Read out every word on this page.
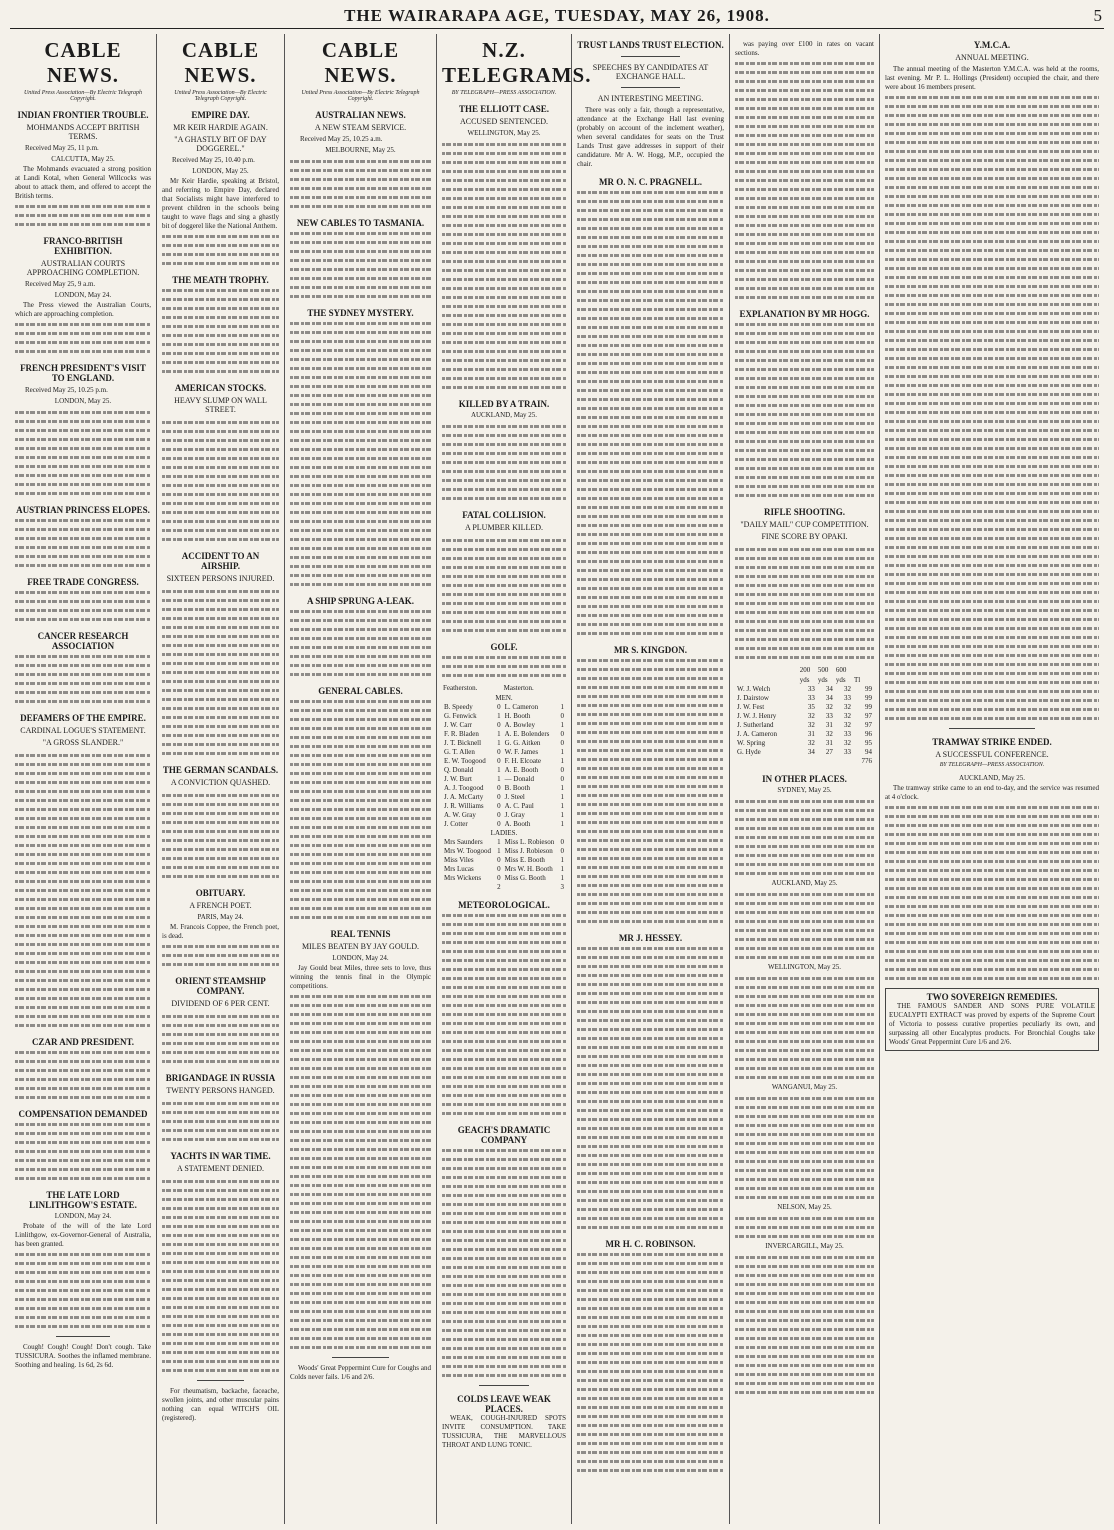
THE WAIRARAPA AGE, TUESDAY, MAY 26, 1908.	5
CABLE NEWS.
United Press Association—By Electric Telegraph Copyright.
INDIAN FRONTIER TROUBLE.
MOHMANDS ACCEPT BRITISH TERMS.
Received May 25, 11 p.m.
CALCUTTA, May 25.

The Mohmands evacuated a strong position at Landi Kotal, when General Willcocks was about to attack them, and offered to accept the British terms.

FRANCO-BRITISH EXHIBITION.
AUSTRALIAN COURTS APPROACHING COMPLETION.
Received May 25, 9 a.m.
LONDON, May 24.

The Press viewed the Australian Courts, which are approaching completion.

FRENCH PRESIDENT'S VISIT TO ENGLAND.
Received May 25, 10.25 p.m.
LONDON, May 25.
AUSTRIAN PRINCESS ELOPES.
FREE TRADE CONGRESS.
CANCER RESEARCH ASSOCIATION
DEFAMERS OF THE EMPIRE.
CARDINAL LOGUE'S STATEMENT.
"A GROSS SLANDER."
CZAR AND PRESIDENT.
COMPENSATION DEMANDED
THE LATE LORD LINLITHGOW'S ESTATE.
LONDON, May 24.

Probate of the will of the late Lord Linlithgow, ex-Governor-General of Australia, has been granted.

Cough! Cough! Cough! Don't cough. Take TUSSICURA. Soothes the inflamed membrane. Soothing and healing. 1s 6d, 2s 6d.

CABLE NEWS.
United Press Association—By Electric Telegraph Copyright.
EMPIRE DAY.
MR KEIR HARDIE AGAIN.
"A GHASTLY BIT OF DAY DOGGEREL."
Received May 25, 10.40 p.m.
LONDON, May 25.

Mr Keir Hardie, speaking at Bristol, and referring to Empire Day, declared that Socialists might have interfered to prevent children in the schools being taught to wave flags and sing a ghastly bit of doggerel like the National Anthem.

THE MEATH TROPHY.
AMERICAN STOCKS.
HEAVY SLUMP ON WALL STREET.
ACCIDENT TO AN AIRSHIP.
SIXTEEN PERSONS INJURED.
THE GERMAN SCANDALS.
A CONVICTION QUASHED.
OBITUARY.
A FRENCH POET.
PARIS, May 24.

M. Francois Coppee, the French poet, is dead.

ORIENT STEAMSHIP COMPANY.
DIVIDEND OF 6 PER CENT.
BRIGANDAGE IN RUSSIA
TWENTY PERSONS HANGED.
YACHTS IN WAR TIME.
A STATEMENT DENIED.

For rheumatism, backache, faceache, swollen joints, and other muscular pains nothing can equal WITCH'S OIL (registered).

CABLE NEWS.
United Press Association—By Electric Telegraph Copyright.
AUSTRALIAN NEWS.
A NEW STEAM SERVICE.
Received May 25, 10.25 a.m.
MELBOURNE, May 25.
NEW CABLES TO TASMANIA.
THE SYDNEY MYSTERY.
A SHIP SPRUNG A-LEAK.
GENERAL CABLES.
REAL TENNIS
MILES BEATEN BY JAY GOULD.
LONDON, May 24.

Jay Gould beat Miles, three sets to love, thus winning the tennis final in the Olympic competitions.

Woods' Great Peppermint Cure for Coughs and Colds never fails. 1/6 and 2/6.

N.Z. TELEGRAMS.
BY TELEGRAPH—PRESS ASSOCIATION.
THE ELLIOTT CASE.
ACCUSED SENTENCED.
WELLINGTON, May 25.
KILLED BY A TRAIN.
AUCKLAND, May 25.
FATAL COLLISION.
A PLUMBER KILLED.
GOLF.
Featherston.		Masterton.	
MEN.			
B. Speedy	0	L. Cameron	1
G. Fenwick	1	H. Booth	0
J. W. Carr	0	A. Bowley	1
F. R. Bladen	1	A. E. Bolenders	0
J. T. Bicknell	1	G. G. Aitken	0
G. T. Allen	0	W. F. James	1
E. W. Toogood	0	F. H. Elcoate	1
Q. Donald	1	A. E. Booth	0
J. W. Burt	1	— Donald	0
A. J. Toogood	0	B. Booth	1
J. A. McCarty	0	J. Steel	1
J. R. Williams	0	A. C. Paul	1
A. W. Gray	0	J. Gray	1
J. Cotter	0	A. Booth	1
LADIES.			
Mrs Saunders	1	Miss L. Robieson	0
Mrs W. Toogood	1	Miss J. Robieson	0
Miss Viles	0	Miss E. Booth	1
Mrs Lucas	0	Mrs W. H. Booth	1
Mrs Wickens	0	Miss G. Booth	1
	2		3
METEOROLOGICAL.
GEACH'S DRAMATIC COMPANY
COLDS LEAVE WEAK PLACES.

WEAK, COUGH-INJURED SPOTS INVITE CONSUMPTION. TAKE TUSSICURA, THE MARVELLOUS THROAT AND LUNG TONIC.

TRUST LANDS TRUST ELECTION.
SPEECHES BY CANDIDATES AT EXCHANGE HALL.
AN INTERESTING MEETING.

There was only a fair, though a representative, attendance at the Exchange Hall last evening (probably on account of the inclement weather), when several candidates for seats on the Trust Lands Trust gave addresses in support of their candidature. Mr A. W. Hogg, M.P., occupied the chair.

MR O. N. C. PRAGNELL.
MR S. KINGDON.
MR J. HESSEY.
MR H. C. ROBINSON.

was paying over £100 in rates on vacant sections.

EXPLANATION BY MR HOGG.
RIFLE SHOOTING.
"DAILY MAIL" CUP COMPETITION.
FINE SCORE BY OPAKI.
	200	500	600	
	yds	yds	yds	Tl
W. J. Welch	33	34	32	99
J. Dairstow	33	34	33	99
J. W. Fest	35	32	32	99
J. W. J. Henry	32	33	32	97
J. Sutherland	32	31	32	97
J. A. Cameron	31	32	33	96
W. Spring	32	31	32	95
G. Hyde	34	27	33	94
				776
IN OTHER PLACES.
SYDNEY, May 25.
AUCKLAND, May 25.
WELLINGTON, May 25.
WANGANUI, May 25.
NELSON, May 25.
INVERCARGILL, May 25.
Y.M.C.A.
ANNUAL MEETING.

The annual meeting of the Masterton Y.M.C.A. was held at the rooms, last evening. Mr P. L. Hollings (President) occupied the chair, and there were about 16 members present.

TRAMWAY STRIKE ENDED.
A SUCCESSFUL CONFERENCE.
BY TELEGRAPH—PRESS ASSOCIATION.
AUCKLAND, May 25.

The tramway strike came to an end to-day, and the service was resumed at 4 o'clock.

TWO SOVEREIGN REMEDIES.

THE FAMOUS SANDER AND SONS PURE VOLATILE EUCALYPTI EXTRACT was proved by experts of the Supreme Court of Victoria to possess curative properties peculiarly its own, and surpassing all other Eucalyptus products. For Bronchial Coughs take Woods' Great Peppermint Cure 1/6 and 2/6.
